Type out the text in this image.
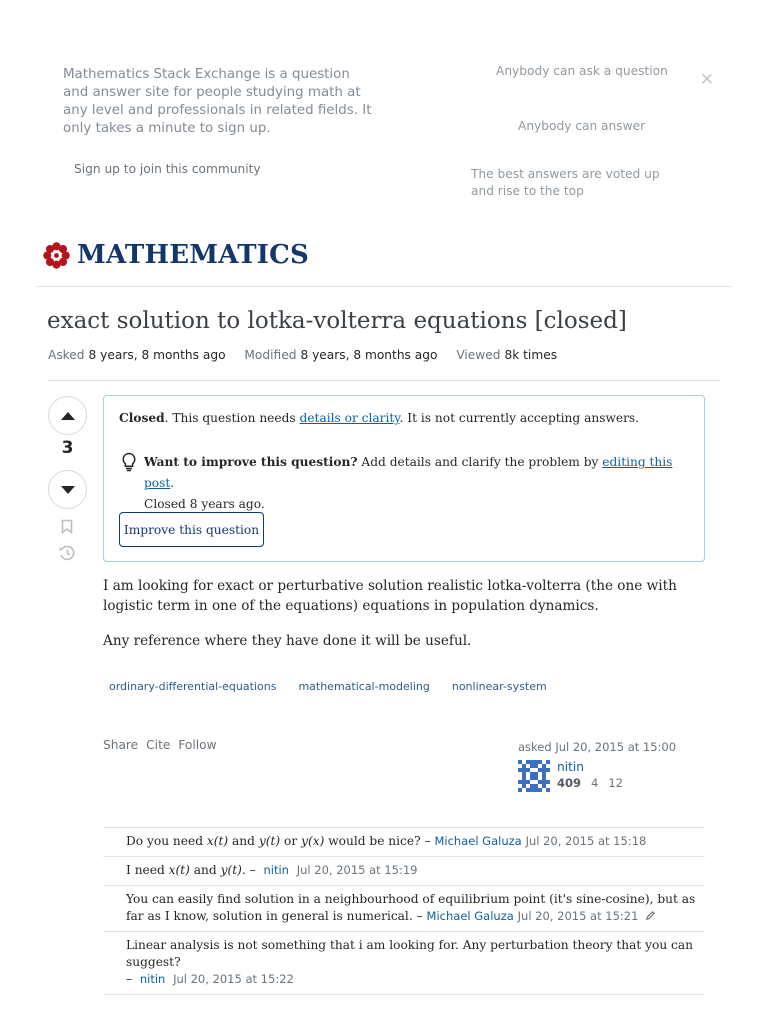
Mathematics Stack Exchange is a question and answer site for people studying math at any level and professionals in related fields. It only takes a minute to sign up.
Sign up to join this community
Anybody can ask a question
Anybody can answer
The best answers are voted up and rise to the top
×
MATHEMATICS
exact solution to lotka-volterra equations [closed]
Asked 8 years, 8 months ago Modified 8 years, 8 months ago Viewed 8k times
3
Closed. This question needs details or clarity. It is not currently accepting answers.
Want to improve this question? Add details and clarify the problem by editing this post.
Closed 8 years ago.
Improve this question

I am looking for exact or perturbative solution realistic lotka-volterra (the one with logistic term in one of the equations) equations in population dynamics.

Any reference where they have done it will be useful.

ordinary-differential-equations	mathematical-modeling	nonlinear-system
Share Cite Follow	asked Jul 20, 2015 at 15:00
nitin
409 4 12
Do you need x(t) and y(t) or y(x) would be nice? – Michael Galuza Jul 20, 2015 at 15:18
I need x(t) and y(t). – nitin Jul 20, 2015 at 15:19
You can easily find solution in a neighbourhood of equilibrium point (it's sine-cosine), but as far as I know, solution in general is numerical. – Michael Galuza Jul 20, 2015 at 15:21
Linear analysis is not something that i am looking for. Any perturbation theory that you can suggest?
– nitin Jul 20, 2015 at 15:22
